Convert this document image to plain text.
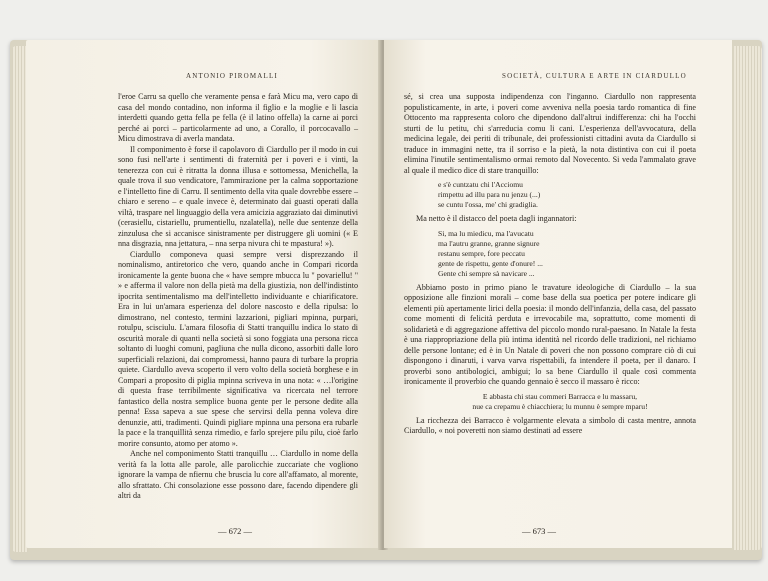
ANTONIO PIROMALLI

l'eroe Carru sa quello che veramente pensa e farà Micu ma, vero capo di casa del mondo contadino, non informa il figlio e la moglie e li lascia interdetti quando getta fella pe fella (è il latino offella) la carne ai porci perché ai porci – particolarmente ad uno, a Corallo, il porcocavallo – Micu dimostrava di averla mandata.

Il componimento è forse il capolavoro di Ciardullo per il modo in cui sono fusi nell'arte i sentimenti di fraternità per i poveri e i vinti, la tenerezza con cui è ritratta la donna illusa e sottomessa, Menichella, la quale trova il suo vendicatore, l'ammirazione per la calma sopportazione e l'intelletto fine di Carru. Il sentimento della vita quale dovrebbe essere – chiaro e sereno – e quale invece è, determinato dai guasti operati dalla viltà, traspare nel linguaggio della vera amicizia aggraziato dai diminutivi (cerasiellu, cistariellu, prumentiellu, nzalatella), nelle due sentenze della zinzulusa che si accanisce sinistramente per distruggere gli uomini (« E nna disgrazia, nna jettatura, – nna serpa nivura chi te mpastura! »).

Ciardullo componeva quasi sempre versi disprezzando il nominalismo, antiretorico che vero, quando anche in Compari ricorda ironicamente la gente buona che « have sempre mbucca lu " povariellu! " » e afferma il valore non della pietà ma della giustizia, non dell'indistinto ipocrita sentimentalismo ma dell'intelletto individuante e chiarificatore. Era in lui un'amara esperienza del dolore nascosto e della ripulsa: lo dimostrano, nel contesto, termini lazzarioni, pigliari mpinna, purpari, rotulpu, scisciulu. L'amara filosofia di Statti tranquillu indica lo stato di oscurità morale di quanti nella società si sono foggiata una persona ricca soltanto di luoghi comuni, pagliuna che nulla dicono, assorbiti dalle loro superficiali relazioni, dai compromessi, hanno paura di turbare la propria quiete. Ciardullo aveva scoperto il vero volto della società borghese e in Compari a proposito di piglia mpinna scriveva in una nota: « …l'origine di questa frase terribilmente significativa va ricercata nel terrore fantastico della nostra semplice buona gente per le persone dedite alla penna! Essa sapeva a sue spese che servirsi della penna voleva dire denunzie, atti, tradimenti. Quindi pigliare mpinna una persona era rubarle la pace e la tranquillità senza rimedio, e farlo sprejere pilu pilu, cioè farlo morire consunto, atomo per atomo ».

Anche nel componimento Statti tranquillu … Ciardullo in nome della verità fa la lotta alle parole, alle parolicchie zuccariate che vogliono ignorare la vampa de nfiernu che bruscia lu core all'affamato, al morente, allo sfrattato. Chi consolazione esse possono dare, facendo dipendere gli altri da

— 672 —
SOCIETÀ, CULTURA E ARTE IN CIARDULLO

sé, si crea una supposta indipendenza con l'inganno. Ciardullo non rappresenta populisticamente, in arte, i poveri come avveniva nella poesia tardo romantica di fine Ottocento ma rappresenta coloro che dipendono dall'altrui indifferenza: chi ha l'occhi sturti de lu petitu, chi s'arreducia comu li cani. L'esperienza dell'avvocatura, della medicina legale, dei periti di tribunale, dei professionisti cittadini avuta da Ciardullo si traduce in immagini nette, tra il sorriso e la pietà, la nota distintiva con cui il poeta elimina l'inutile sentimentalismo ormai remoto dal Novecento. Si veda l'ammalato grave al quale il medico dice di stare tranquillo:

e s'è cuntzatu chi l'Acciomu
rimpettu ad illu para nu jenzu (...)
se cuntu l'ossa, me' chi gradiglia.

Ma netto è il distacco del poeta dagli ingannatori:

Si, ma lu miedicu, ma l'avucatu
ma l'autru granne, granne signure
restanu sempre, fore peccatu
gente de rispettu, gente d'onure! ...
Gente chi sempre sà navicare ...

Abbiamo posto in primo piano le travature ideologiche di Ciardullo – la sua opposizione alle finzioni morali – come base della sua poetica per potere indicare gli elementi più apertamente lirici della poesia: il mondo dell'infanzia, della casa, del passato come momenti di felicità perduta e irrevocabile ma, soprattutto, come momenti di solidarietà e di aggregazione affettiva del piccolo mondo rural-paesano. In Natale la festa è una riappropriazione della più intima identità nel ricordo delle tradizioni, nel richiamo delle persone lontane; ed è in Un Natale di poveri che non possono comprare ciò di cui dispongono i dinaruti, i varva varva rispettabili, fa intendere il poeta, per il danaro. I proverbi sono antibologici, ambigui; lo sa bene Ciardullo il quale così commenta ironicamente il proverbio che quando gennaio è secco il massaro è ricco:

E abbasta chi stau commeri Barracca e lu massaru,
nue ca crepamu è chiacchiera; lu munnu è sempre mparu!

La ricchezza dei Barracco è volgarmente elevata a simbolo di casta mentre, annota Ciardullo, « noi poveretti non siamo destinati ad essere

— 673 —
